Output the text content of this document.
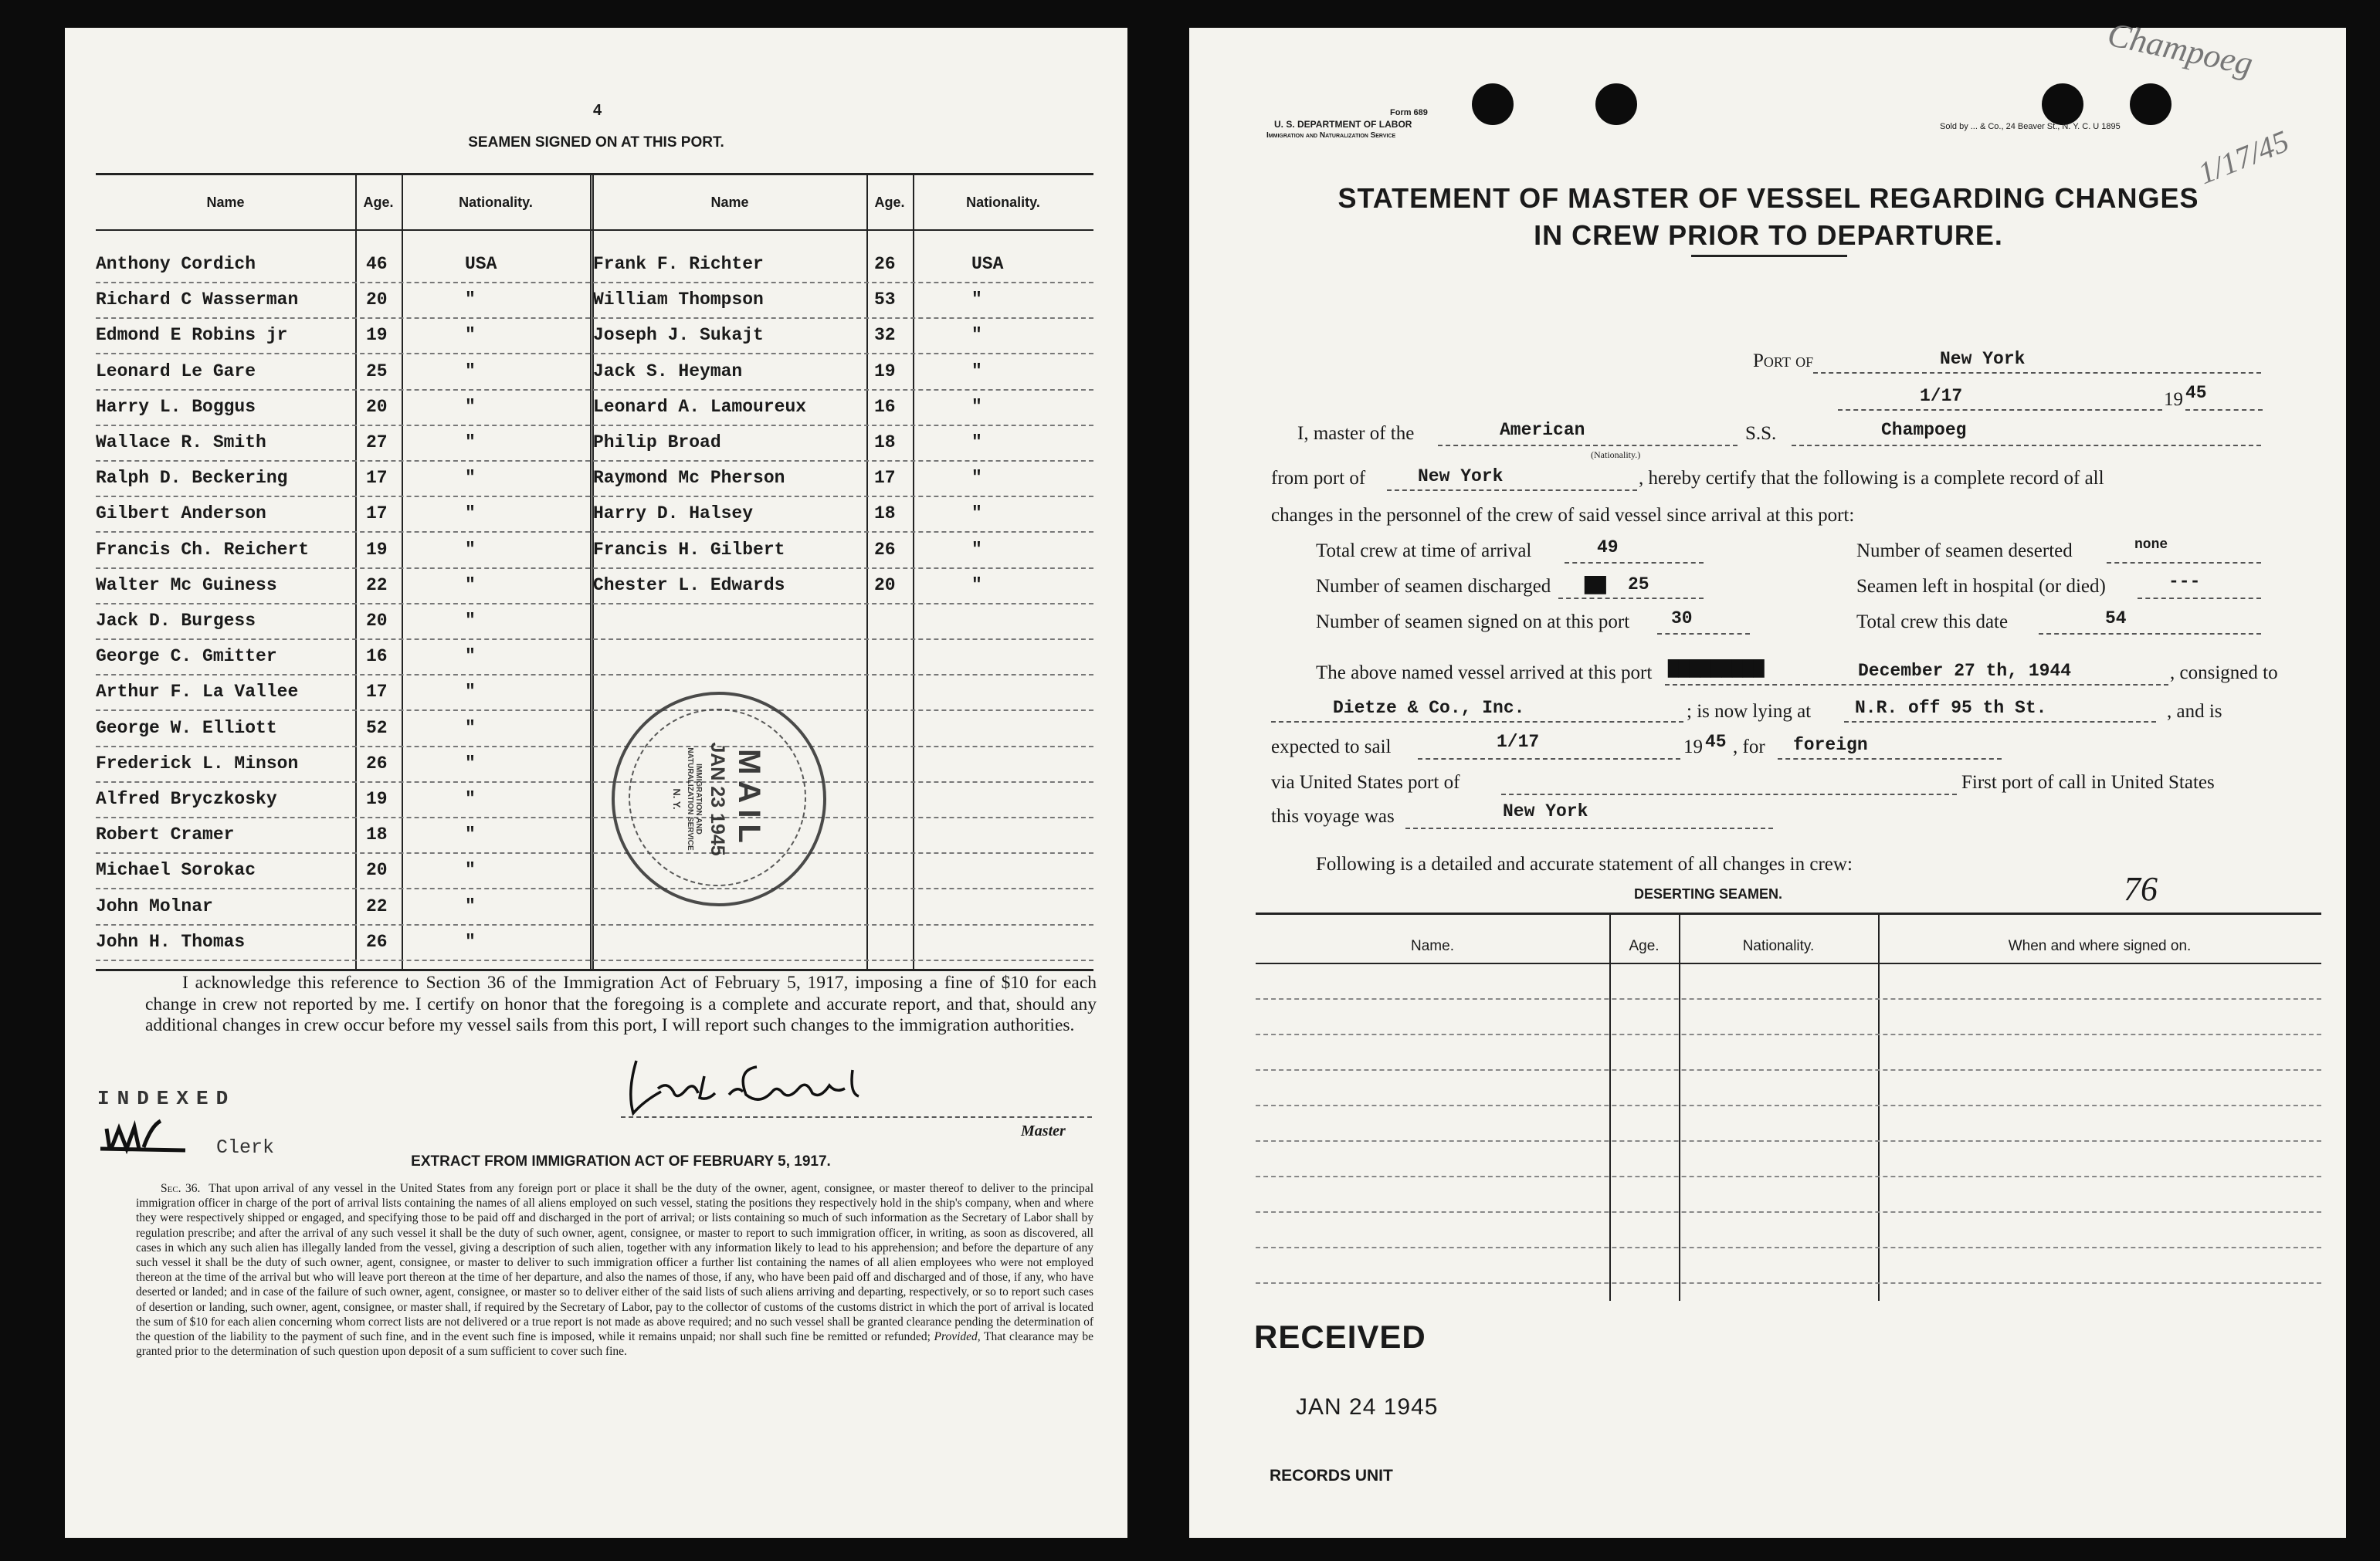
4
SEAMEN SIGNED ON AT THIS PORT.
Name	Age.	Nationality.	Name	Age.	Nationality.
Anthony Cordich	46	USA
Richard C Wasserman	20	"
Edmond E Robins jr	19	"
Leonard Le Gare	25	"
Harry L. Boggus	20	"
Wallace R. Smith	27	"
Ralph D. Beckering	17	"
Gilbert Anderson	17	"
Francis Ch. Reichert	19	"
Walter Mc Guiness	22	"
Jack D. Burgess	20	"
George C. Gmitter	16	"
Arthur F. La Vallee	17	"
George W. Elliott	52	"
Frederick L. Minson	26	"
Alfred Bryczkosky	19	"
Robert Cramer	18	"
Michael Sorokac	20	"
John Molnar	22	"
John H. Thomas	26	"
Frank F. Richter	26	USA
William Thompson	53	"
Joseph J. Sukajt	32	"
Jack S. Heyman	19	"
Leonard A. Lamoureux	16	"
Philip Broad	18	"
Raymond Mc Pherson	17	"
Harry D. Halsey	18	"
Francis H. Gilbert	26	"
Chester L. Edwards	20	"
MAIL
JAN 23 1945
IMMIGRATION AND NATURALIZATION SERVICE
N. Y.
I acknowledge this reference to Section 36 of the Immigration Act of February 5, 1917, imposing a fine of $10 for each change in crew not reported by me. I certify on honor that the foregoing is a complete and accurate report, and that, should any additional changes in crew occur before my vessel sails from this port, I will report such changes to the immigration authorities.
INDEXED
Clerk
Master
EXTRACT FROM IMMIGRATION ACT OF FEBRUARY 5, 1917.
Sec. 36. That upon arrival of any vessel in the United States from any foreign port or place it shall be the duty of the owner, agent, consignee, or master thereof to deliver to the principal immigration officer in charge of the port of arrival lists containing the names of all aliens employed on such vessel, stating the positions they respectively hold in the ship's company, when and where they were respectively shipped or engaged, and specifying those to be paid off and discharged in the port of arrival; or lists containing so much of such information as the Secretary of Labor shall by regulation prescribe; and after the arrival of any such vessel it shall be the duty of such owner, agent, consignee, or master to report to such immigration officer, in writing, as soon as discovered, all cases in which any such alien has illegally landed from the vessel, giving a description of such alien, together with any information likely to lead to his apprehension; and before the departure of any such vessel it shall be the duty of such owner, agent, consignee, or master to deliver to such immigration officer a further list containing the names of all alien employees who were not employed thereon at the time of the arrival but who will leave port thereon at the time of her departure, and also the names of those, if any, who have been paid off and discharged and of those, if any, who have deserted or landed; and in case of the failure of such owner, agent, consignee, or master so to deliver either of the said lists of such aliens arriving and departing, respectively, or so to report such cases of desertion or landing, such owner, agent, consignee, or master shall, if required by the Secretary of Labor, pay to the collector of customs of the customs district in which the port of arrival is located the sum of $10 for each alien concerning whom correct lists are not delivered or a true report is not made as above required; and no such vessel shall be granted clearance pending the determination of the question of the liability to the payment of such fine, and in the event such fine is imposed, while it remains unpaid; nor shall such fine be remitted or refunded; Provided, That clearance may be granted prior to the determination of such question upon deposit of a sum sufficient to cover such fine.
Form 689
U. S. DEPARTMENT OF LABOR
Immigration and Naturalization Service
Sold by ... & Co., 24 Beaver St., N. Y. C. U 1895
Champoeg
1/17/45
STATEMENT OF MASTER OF VESSEL REGARDING CHANGES
IN CREW PRIOR TO DEPARTURE.
Port of	New York
1/17	19 45
I, master of the	American
(Nationality.)
S.S.	Champoeg
from port of	New York	, hereby certify that the following is a complete record of all
changes in the personnel of the crew of said vessel since arrival at this port:
Total crew at time of arrival	49	Number of seamen deserted	none
Number of seamen discharged ▇▇ 25	Seamen left in hospital (or died)	---
Number of seamen signed on at this port 30	Total crew this date	54
The above named vessel arrived at this port ▇▇▇▇▇▇▇▇▇	December 27 th, 1944	, consigned to
Dietze & Co., Inc.	; is now lying at N.R. off 95 th St.	, and is
expected to sail	1/17	19 45 , for foreign
via United States port of	First port of call in United States
this voyage was	New York
Following is a detailed and accurate statement of all changes in crew:
DESERTING SEAMEN.	76
Name.	Age.	Nationality.	When and where signed on.
RECEIVED
JAN 24 1945
RECORDS UNIT
